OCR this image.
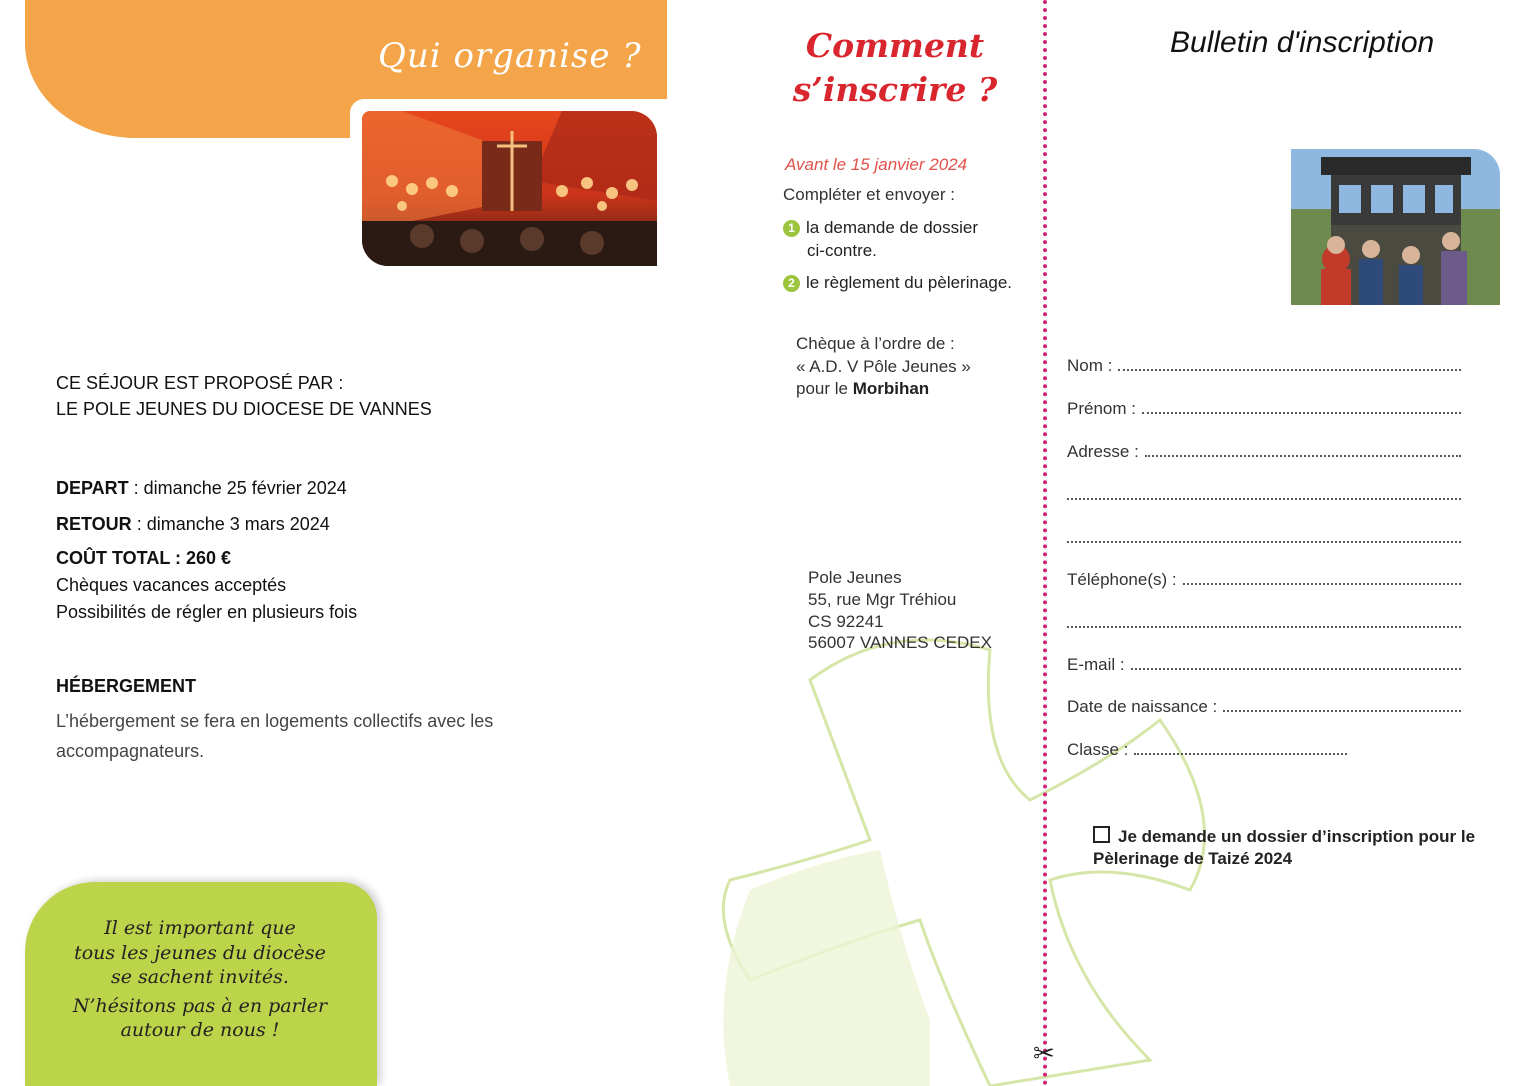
Qui organise ?
CE SÉJOUR EST PROPOSÉ PAR :
LE POLE JEUNES DU DIOCESE DE VANNES
DEPART : dimanche 25 février 2024
RETOUR : dimanche 3 mars 2024
COÛT TOTAL : 260 €
Chèques vacances acceptés
Possibilités de régler en plusieurs fois
HÉBERGEMENT
L’hébergement se fera en logements collectifs avec les accompagnateurs.
Il est important que
tous les jeunes du diocèse
se sachent invités.
N’hésitons pas à en parler
autour de nous !
Comment
s’inscrire ?
Avant le 15 janvier 2024
Compléter et envoyer :
1 la demande de dossier
ci-contre.
2 le règlement du pèlerinage.
Chèque à l’ordre de :
« A.D. V Pôle Jeunes »
pour le Morbihan
Pole Jeunes
55, rue Mgr Tréhiou
CS 92241
56007 VANNES CEDEX
✂
Bulletin d'inscription
Nom :
Prénom :
Adresse :
Téléphone(s) :
E-mail :
Date de naissance :
Classe :
Je demande un dossier d’inscription pour le
Pèlerinage de Taizé 2024
